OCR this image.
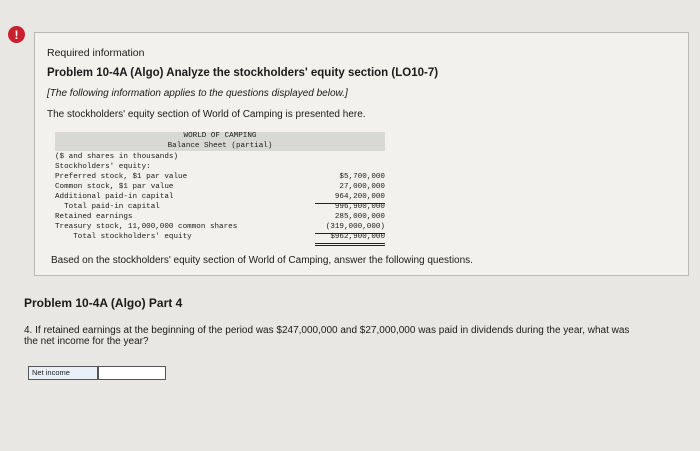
!
Required information
Problem 10-4A (Algo) Analyze the stockholders' equity section (LO10-7)
[The following information applies to the questions displayed below.]
The stockholders' equity section of World of Camping is presented here.
WORLD OF CAMPING
Balance Sheet (partial)
($ and shares in thousands)
Stockholders' equity:
Preferred stock, $1 par value	$5,700,000
Common stock, $1 par value	27,000,000
Additional paid-in capital	964,200,000
Total paid-in capital	996,900,000
Retained earnings	285,000,000
Treasury stock, 11,000,000 common shares	(319,000,000)
Total stockholders' equity	$962,900,000
Based on the stockholders' equity section of World of Camping, answer the following questions.
Problem 10-4A (Algo) Part 4
4. If retained earnings at the beginning of the period was $247,000,000 and $27,000,000 was paid in dividends during the year, what was the net income for the year?
Net income
